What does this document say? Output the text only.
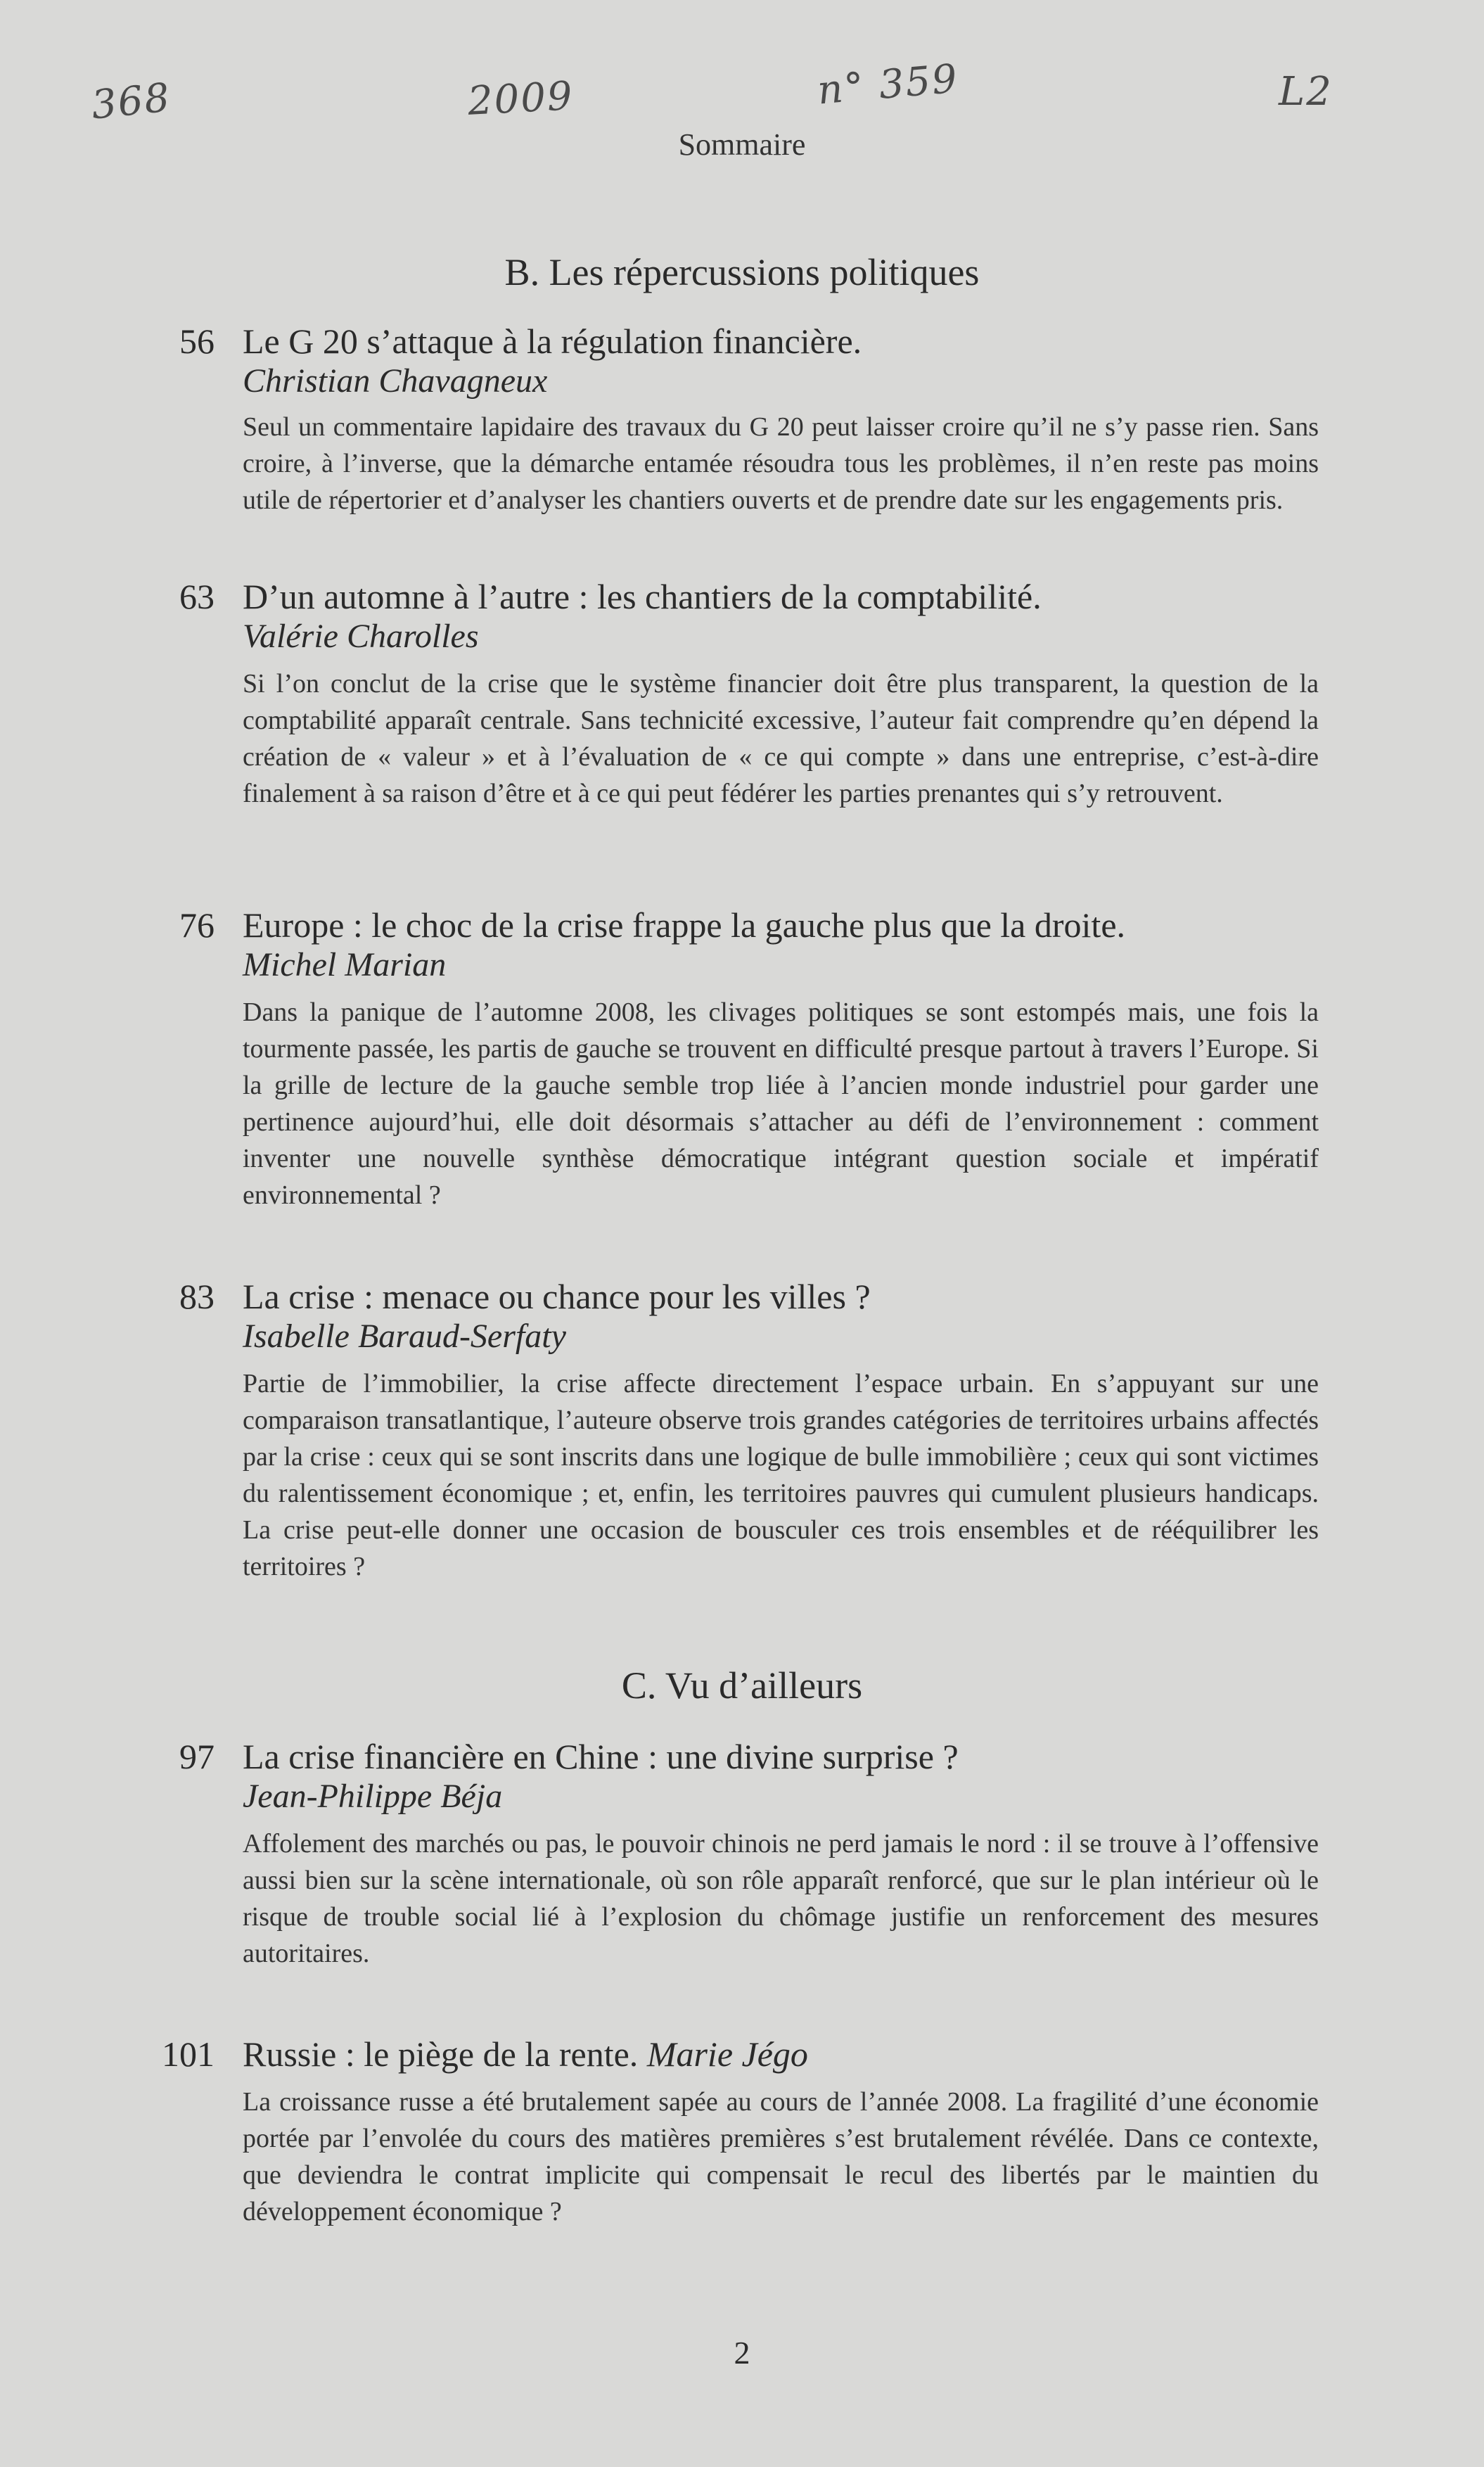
368	2009	n° 359	L2
Sommaire
B. Les répercussions politiques
56 Le G 20 s’attaque à la régulation financière.
Christian Chavagneux
Seul un commentaire lapidaire des travaux du G 20 peut laisser croire qu’il ne s’y passe rien. Sans croire, à l’inverse, que la démarche entamée résoudra tous les problèmes, il n’en reste pas moins utile de répertorier et d’analyser les chantiers ouverts et de prendre date sur les engagements pris.
63 D’un automne à l’autre : les chantiers de la comptabilité.
Valérie Charolles
Si l’on conclut de la crise que le système financier doit être plus transparent, la question de la comptabilité apparaît centrale. Sans technicité excessive, l’auteur fait comprendre qu’en dépend la création de « valeur » et à l’évaluation de « ce qui compte » dans une entreprise, c’est-à-dire finalement à sa raison d’être et à ce qui peut fédérer les parties prenantes qui s’y retrouvent.
76 Europe : le choc de la crise frappe la gauche plus que la droite.
Michel Marian
Dans la panique de l’automne 2008, les clivages politiques se sont estompés mais, une fois la tourmente passée, les partis de gauche se trouvent en difficulté presque partout à travers l’Europe. Si la grille de lecture de la gauche semble trop liée à l’ancien monde industriel pour garder une pertinence aujourd’hui, elle doit désormais s’attacher au défi de l’environnement : comment inventer une nouvelle synthèse démocratique intégrant question sociale et impératif environnemental ?
83 La crise : menace ou chance pour les villes ?
Isabelle Baraud-Serfaty
Partie de l’immobilier, la crise affecte directement l’espace urbain. En s’appuyant sur une comparaison transatlantique, l’auteure observe trois grandes catégories de territoires urbains affectés par la crise : ceux qui se sont inscrits dans une logique de bulle immobilière ; ceux qui sont victimes du ralentissement économique ; et, enfin, les territoires pauvres qui cumulent plusieurs handicaps. La crise peut-elle donner une occasion de bousculer ces trois ensembles et de rééquilibrer les territoires ?
C. Vu d’ailleurs
97 La crise financière en Chine : une divine surprise ?
Jean-Philippe Béja
Affolement des marchés ou pas, le pouvoir chinois ne perd jamais le nord : il se trouve à l’offensive aussi bien sur la scène internationale, où son rôle apparaît renforcé, que sur le plan intérieur où le risque de trouble social lié à l’explosion du chômage justifie un renforcement des mesures autoritaires.
101 Russie : le piège de la rente. Marie Jégo
La croissance russe a été brutalement sapée au cours de l’année 2008. La fragilité d’une économie portée par l’envolée du cours des matières premières s’est brutalement révélée. Dans ce contexte, que deviendra le contrat implicite qui compensait le recul des libertés par le maintien du développement économique ?
2
